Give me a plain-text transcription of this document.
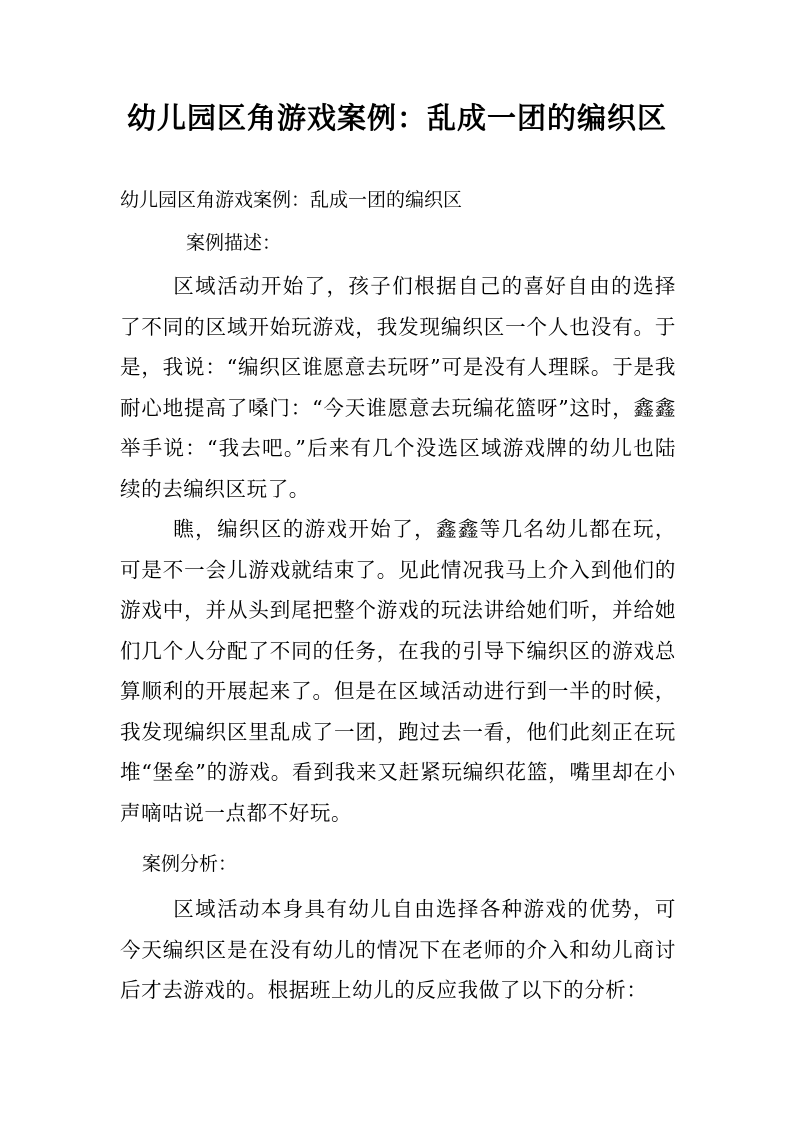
幼儿园区角游戏案例：乱成一团的编织区
幼儿园区角游戏案例：乱成一团的编织区
案例描述：

区域活动开始了，孩子们根据自己的喜好自由的选择了不同的区域开始玩游戏，我发现编织区一个人也没有。于是，我说：“编织区谁愿意去玩呀”可是没有人理睬。于是我耐心地提高了嗓门：“今天谁愿意去玩编花篮呀”这时，鑫鑫举手说：“我去吧。”后来有几个没选区域游戏牌的幼儿也陆续的去编织区玩了。

瞧，编织区的游戏开始了，鑫鑫等几名幼儿都在玩，可是不一会儿游戏就结束了。见此情况我马上介入到他们的游戏中，并从头到尾把整个游戏的玩法讲给她们听，并给她们几个人分配了不同的任务，在我的引导下编织区的游戏总算顺利的开展起来了。但是在区域活动进行到一半的时候，我发现编织区里乱成了一团，跑过去一看，他们此刻正在玩堆“堡垒”的游戏。看到我来又赶紧玩编织花篮，嘴里却在小声嘀咕说一点都不好玩。

案例分析：

区域活动本身具有幼儿自由选择各种游戏的优势，可今天编织区是在没有幼儿的情况下在老师的介入和幼儿商讨后才去游戏的。根据班上幼儿的反应我做了以下的分析：
